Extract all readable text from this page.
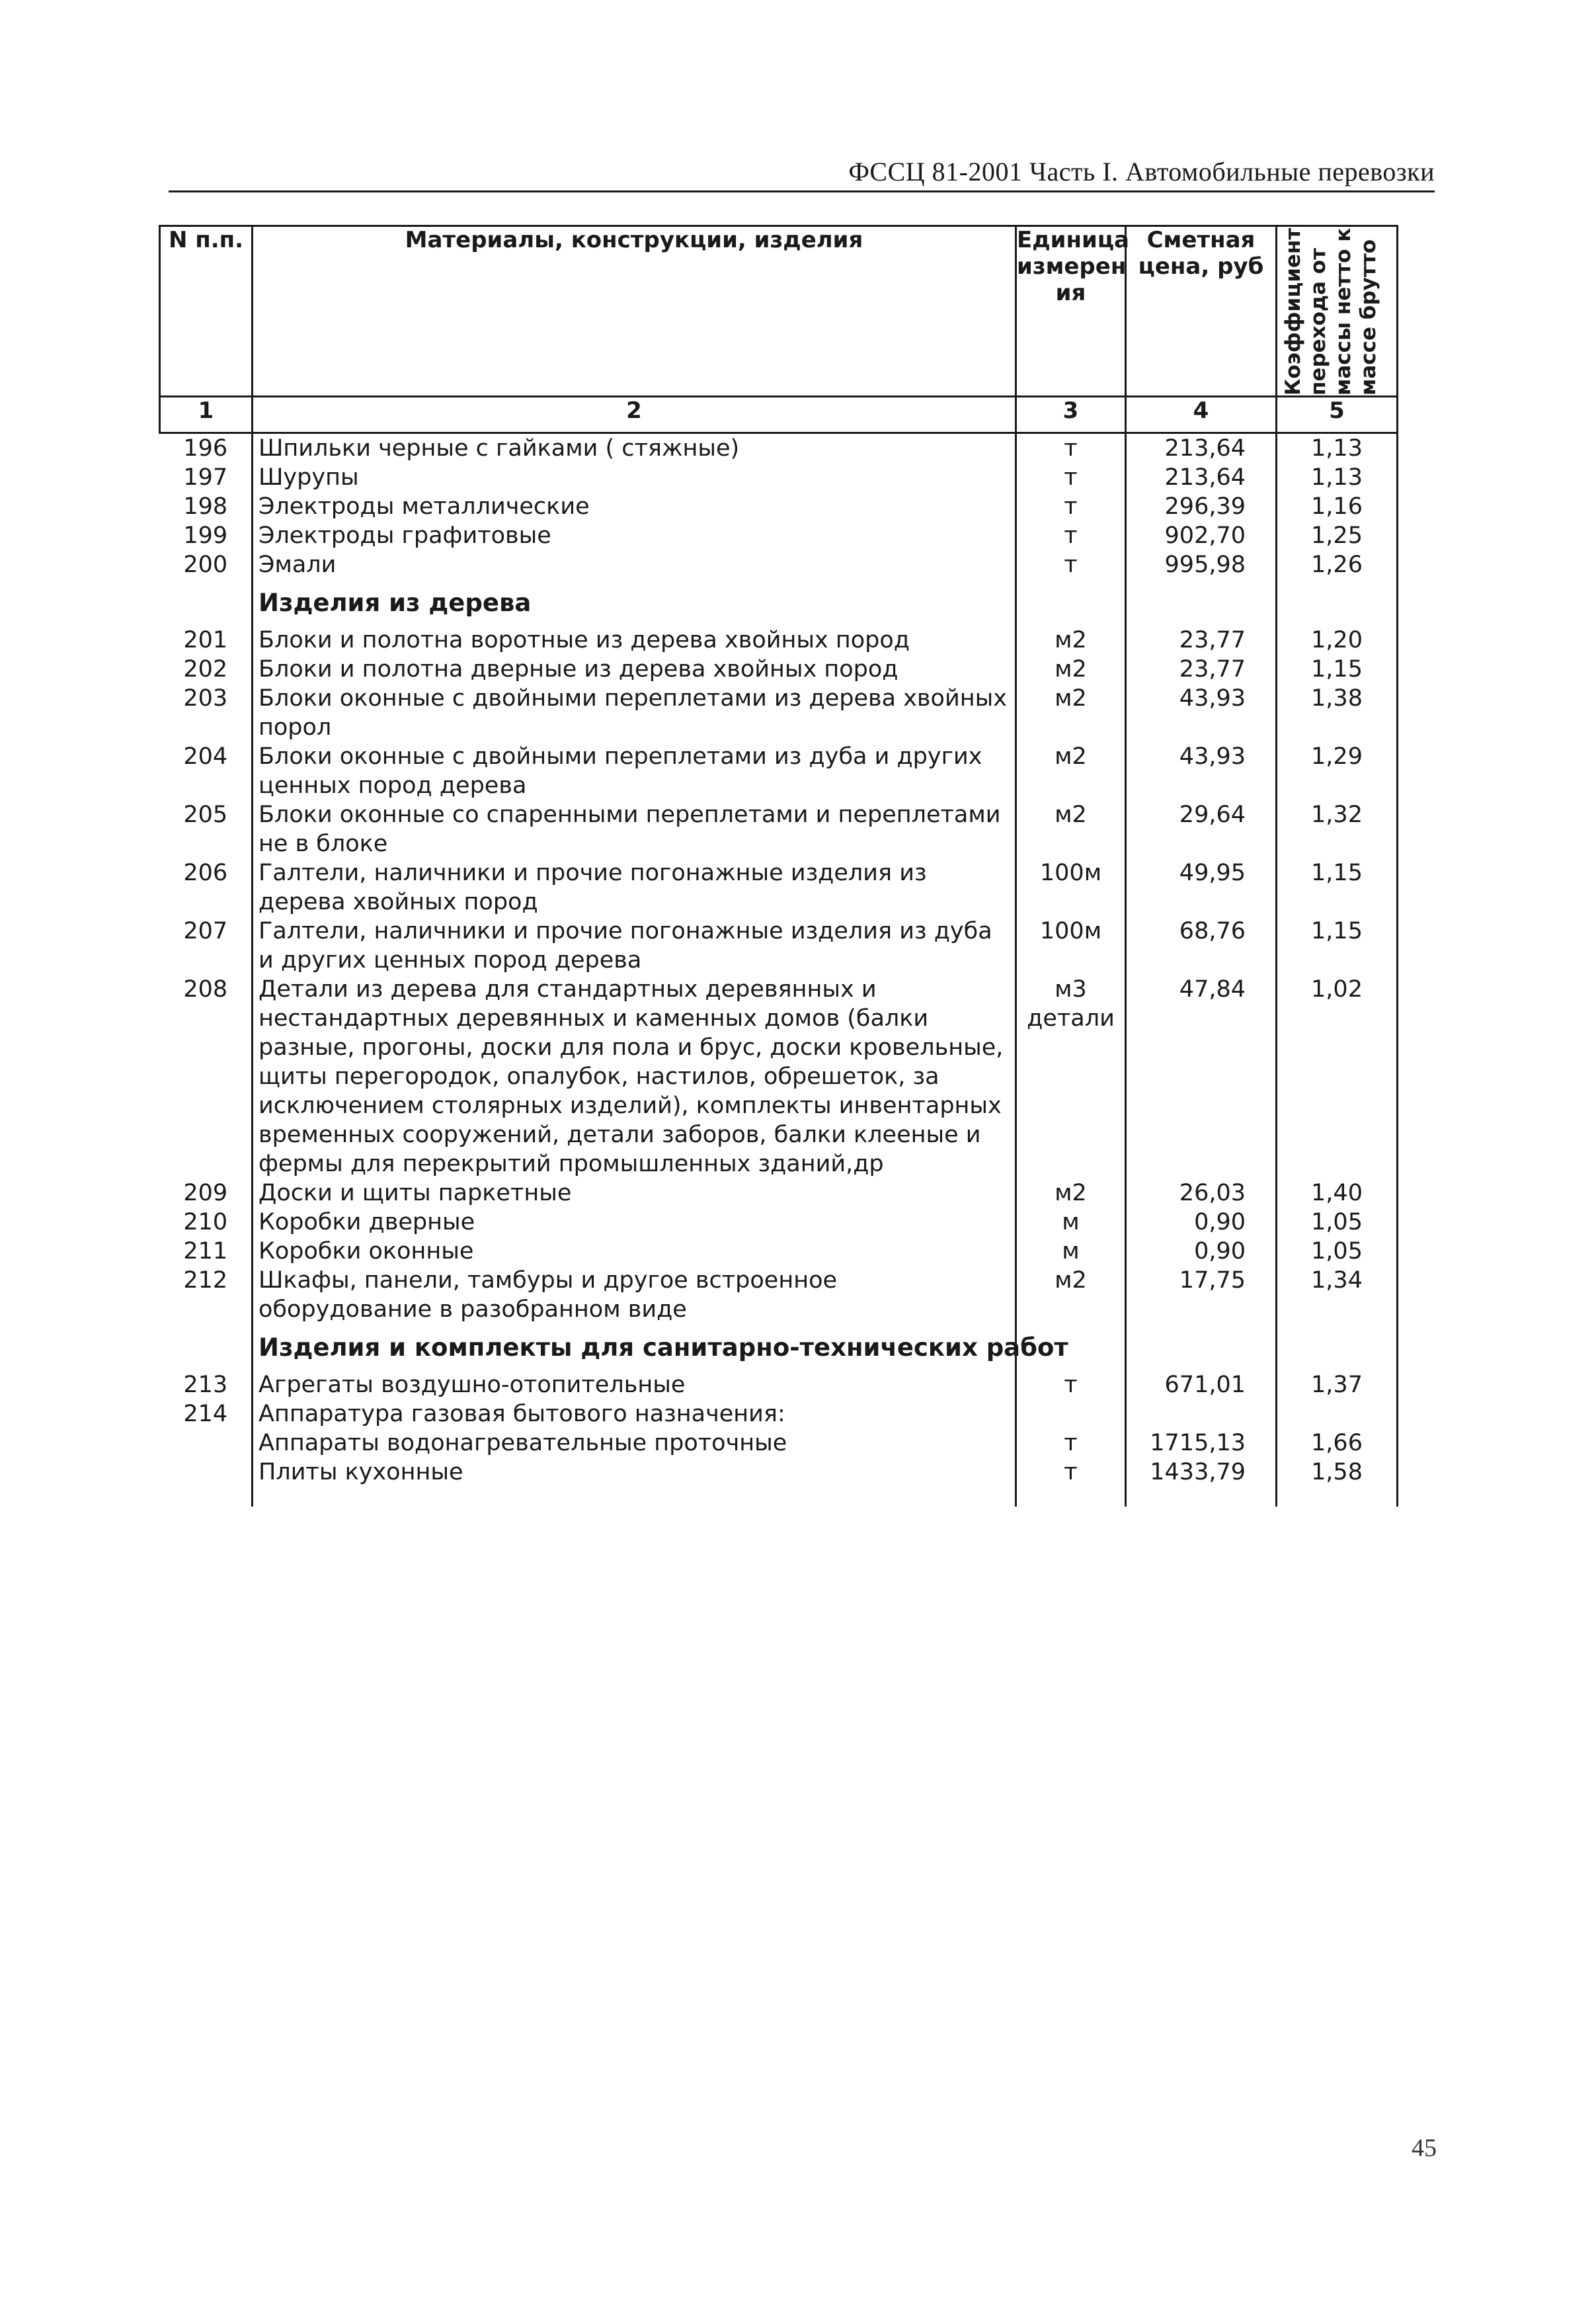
ФССЦ 81-2001 Часть I. Автомобильные перевозки
N п.п.	Материалы, конструкции, изделия	Единица измерен ия	Сметная цена, руб	Коэффициент перехода от массы нетто к массе брутто

1	2	3	4	5
196	Шпильки черные с гайками ( стяжные)	т	213,64	1,13
197	Шурупы	т	213,64	1,13
198	Электроды металлические	т	296,39	1,16
199	Электроды графитовые	т	902,70	1,25
200	Эмали	т	995,98	1,26
	Изделия из дерева			
201	Блоки и полотна воротные из дерева хвойных пород	м2	23,77	1,20
202	Блоки и полотна дверные из дерева хвойных пород	м2	23,77	1,15
203	Блоки оконные с двойными переплетами из дерева хвойных порол	м2	43,93	1,38
204	Блоки оконные с двойными переплетами из дуба и других ценных пород дерева	м2	43,93	1,29
205	Блоки оконные со спаренными переплетами и переплетами не в блоке	м2	29,64	1,32
206	Галтели, наличники и прочие погонажные изделия из дерева хвойных пород	100м	49,95	1,15
207	Галтели, наличники и прочие погонажные изделия из дуба и других ценных пород дерева	100м	68,76	1,15
208	Детали из дерева для стандартных деревянных и нестандартных деревянных и каменных домов (балки разные, прогоны, доски для пола и брус, доски кровельные, щиты перегородок, опалубок, настилов, обрешеток, за исключением столярных изделий), комплекты инвентарных временных сооружений, детали заборов, балки клееные и фермы для перекрытий промышленных зданий,др	м3 детали	47,84	1,02
209	Доски и щиты паркетные	м2	26,03	1,40
210	Коробки дверные	м	0,90	1,05
211	Коробки оконные	м	0,90	1,05
212	Шкафы, панели, тамбуры и другое встроенное оборудование в разобранном виде	м2	17,75	1,34
	Изделия и комплекты для санитарно-технических работ			
213	Агрегаты воздушно-отопительные	т	671,01	1,37
214	Аппаратура газовая бытового назначения:			
	Аппараты водонагревательные проточные	т	1715,13	1,66
	Плиты кухонные	т	1433,79	1,58
45
